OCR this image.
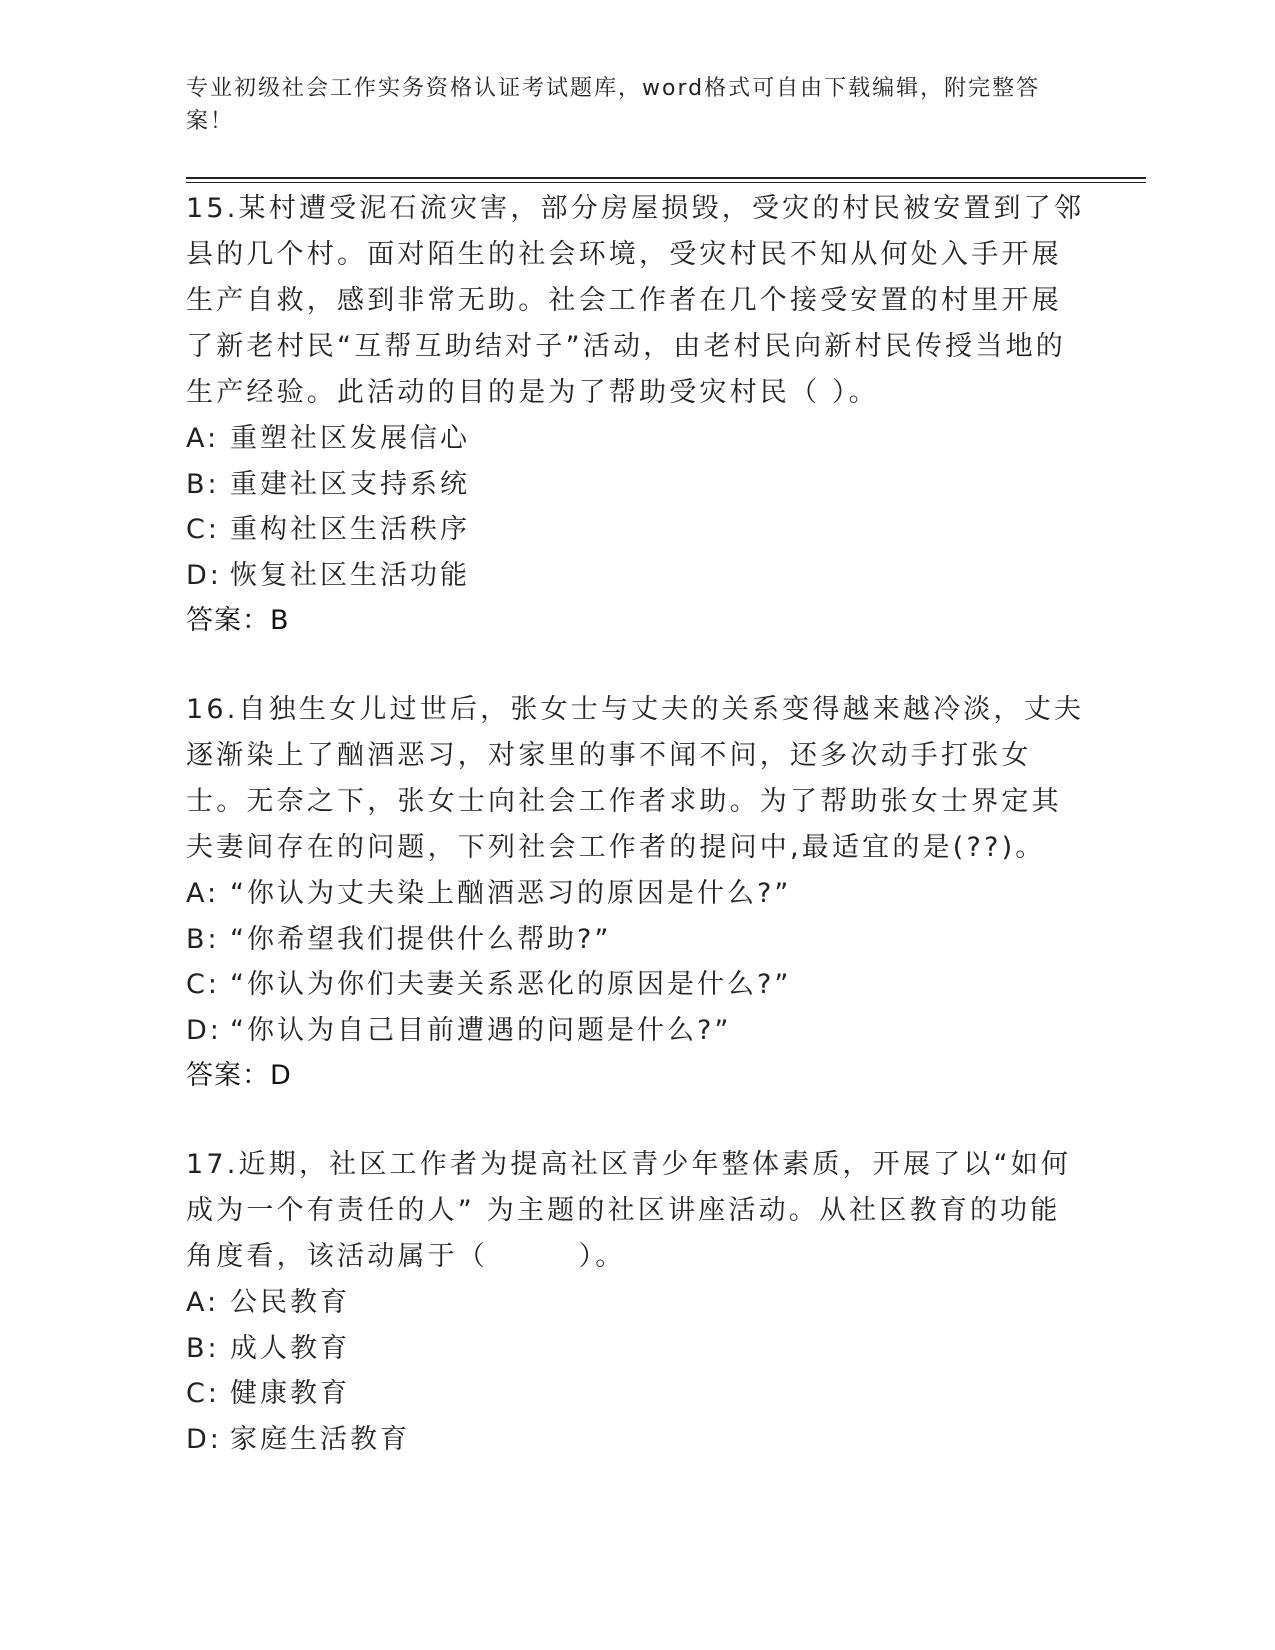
专业初级社会工作实务资格认证考试题库，word格式可自由下载编辑，附完整答案！

15.某村遭受泥石流灾害，部分房屋损毁，受灾的村民被安置到了邻县的几个村。面对陌生的社会环境，受灾村民不知从何处入手开展生产自救，感到非常无助。社会工作者在几个接受安置的村里开展了新老村民“互帮互助结对子”活动，由老村民向新村民传授当地的生产经验。此活动的目的是为了帮助受灾村民（ ）。

A: 重塑社区发展信心

B: 重建社区支持系统

C: 重构社区生活秩序

D: 恢复社区生活功能

答案：B

16.自独生女儿过世后，张女士与丈夫的关系变得越来越冷淡，丈夫逐渐染上了酗酒恶习，对家里的事不闻不问，还多次动手打张女士。无奈之下，张女士向社会工作者求助。为了帮助张女士界定其夫妻间存在的问题，下列社会工作者的提问中,最适宜的是(??)。

A: “你认为丈夫染上酗酒恶习的原因是什么?”

B: “你希望我们提供什么帮助?”

C: “你认为你们夫妻关系恶化的原因是什么?”

D: “你认为自己目前遭遇的问题是什么?”

答案：D

17.近期，社区工作者为提高社区青少年整体素质，开展了以“如何成为一个有责任的人” 为主题的社区讲座活动。从社区教育的功能角度看，该活动属于（　　　）。

A: 公民教育

B: 成人教育

C: 健康教育

D: 家庭生活教育
